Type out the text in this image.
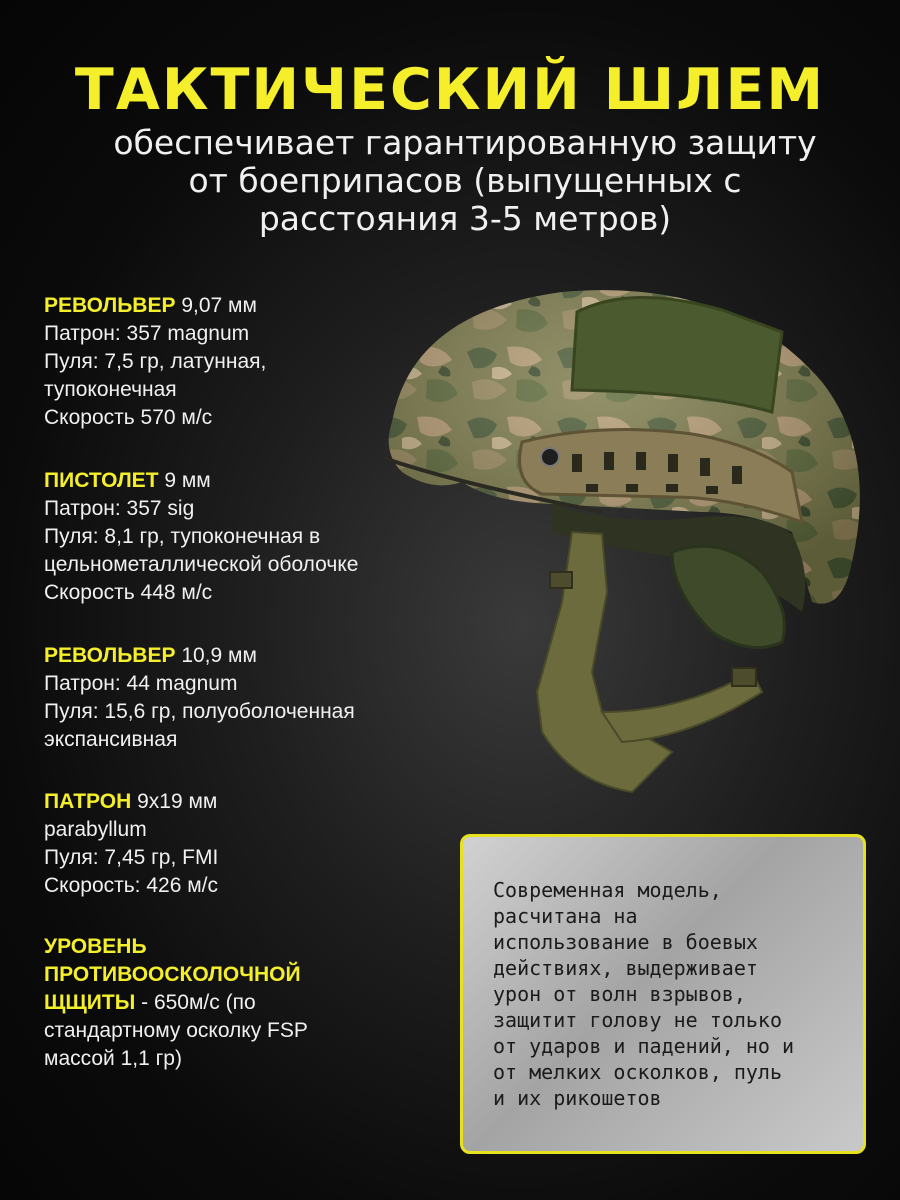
ТАКТИЧЕСКИЙ ШЛЕМ
обеспечивает гарантированную защиту
от боеприпасов (выпущенных с
расстояния 3-5 метров)
РЕВОЛЬВЕР 9,07 мм
Патрон: 357 magnum
Пуля: 7,5 гр, латунная,
тупоконечная
Скорость 570 м/с
ПИСТОЛЕТ 9 мм
Патрон: 357 sig
Пуля: 8,1 гр, тупоконечная в
цельнометаллической оболочке
Скорость 448 м/с
РЕВОЛЬВЕР 10,9 мм
Патрон: 44 magnum
Пуля: 15,6 гр, полуоболоченная
экспансивная
ПАТРОН 9х19 мм
parabyllum
Пуля: 7,45 гр, FMI
Скорость: 426 м/с
УРОВЕНЬ
ПРОТИВООСКОЛОЧНОЙ
ЩЩИТЫ - 650м/с (по
стандартному осколку FSP
массой 1,1 гр)
Современная модель,
расчитана на
использование в боевых
действиях, выдерживает
урон от волн взрывов,
защитит голову не только
от ударов и падений, но и
от мелких осколков, пуль
и их рикошетов
